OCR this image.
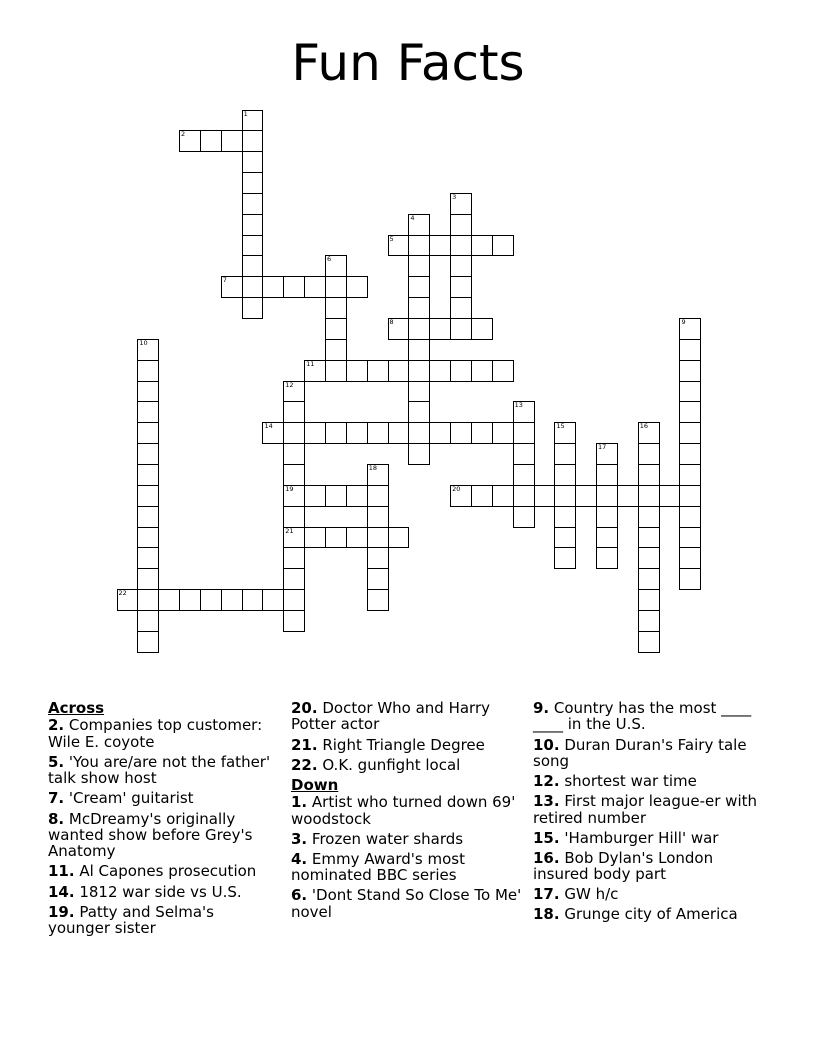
Fun Facts
1
2
3
4
5
6
7
8	9
10
11
12
19
21
13
14	15	16
17
18
20
22
Across
2. Companies top customer: Wile E. coyote
5. 'You are/are not the father' talk show host
7. 'Cream' guitarist
8. McDreamy's originally wanted show before Grey's Anatomy
11. Al Capones prosecution
14. 1812 war side vs U.S.
19. Patty and Selma's younger sister
20. Doctor Who and Harry Potter actor
21. Right Triangle Degree
22. O.K. gunfight local
Down
1. Artist who turned down 69' woodstock
3. Frozen water shards
4. Emmy Award's most nominated BBC series
6. 'Dont Stand So Close To Me' novel
9. Country has the most ____ ____ in the U.S.
10. Duran Duran's Fairy tale song
12. shortest war time
13. First major league-er with retired number
15. 'Hamburger Hill' war
16. Bob Dylan's London insured body part
17. GW h/c
18. Grunge city of America
